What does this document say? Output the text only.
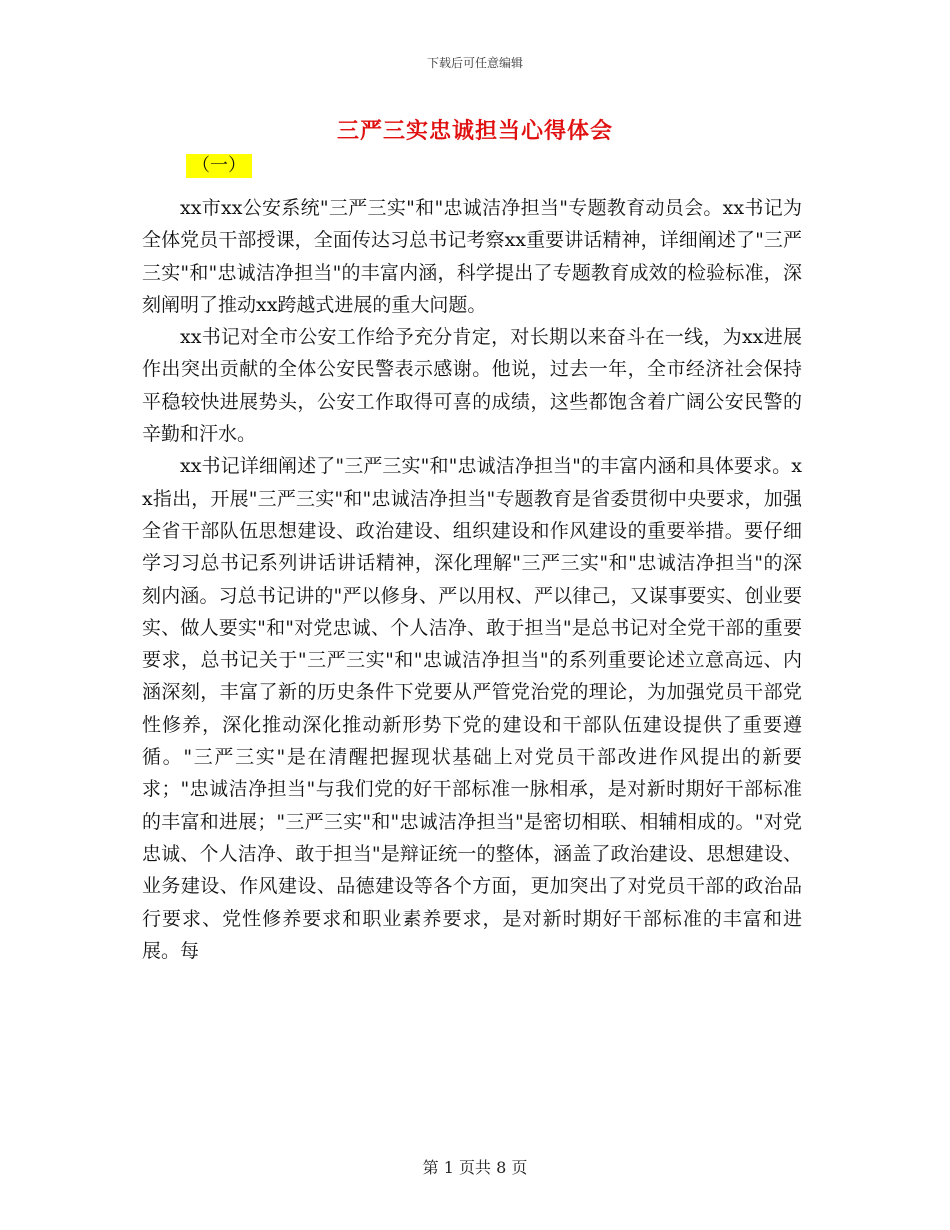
下载后可任意编辑
三严三实忠诚担当心得体会
（一）

xx市xx公安系统"三严三实"和"忠诚洁净担当"专题教育动员会。xx书记为全体党员干部授课，全面传达习总书记考察xx重要讲话精神，详细阐述了"三严三实"和"忠诚洁净担当"的丰富内涵，科学提出了专题教育成效的检验标准，深刻阐明了推动xx跨越式进展的重大问题。

xx书记对全市公安工作给予充分肯定，对长期以来奋斗在一线，为xx进展作出突出贡献的全体公安民警表示感谢。他说，过去一年，全市经济社会保持平稳较快进展势头，公安工作取得可喜的成绩，这些都饱含着广阔公安民警的辛勤和汗水。

xx书记详细阐述了"三严三实"和"忠诚洁净担当"的丰富内涵和具体要求。xx指出，开展"三严三实"和"忠诚洁净担当"专题教育是省委贯彻中央要求，加强全省干部队伍思想建设、政治建设、组织建设和作风建设的重要举措。要仔细学习习总书记系列讲话讲话精神，深化理解"三严三实"和"忠诚洁净担当"的深刻内涵。习总书记讲的"严以修身、严以用权、严以律己，又谋事要实、创业要实、做人要实"和"对党忠诚、个人洁净、敢于担当"是总书记对全党干部的重要要求，总书记关于"三严三实"和"忠诚洁净担当"的系列重要论述立意高远、内涵深刻，丰富了新的历史条件下党要从严管党治党的理论，为加强党员干部党性修养，深化推动深化推动新形势下党的建设和干部队伍建设提供了重要遵循。"三严三实"是在清醒把握现状基础上对党员干部改进作风提出的新要求；"忠诚洁净担当"与我们党的好干部标准一脉相承，是对新时期好干部标准的丰富和进展；"三严三实"和"忠诚洁净担当"是密切相联、相辅相成的。"对党忠诚、个人洁净、敢于担当"是辩证统一的整体，涵盖了政治建设、思想建设、业务建设、作风建设、品德建设等各个方面，更加突出了对党员干部的政治品行要求、党性修养要求和职业素养要求，是对新时期好干部标准的丰富和进展。每

第 1 页共 8 页
